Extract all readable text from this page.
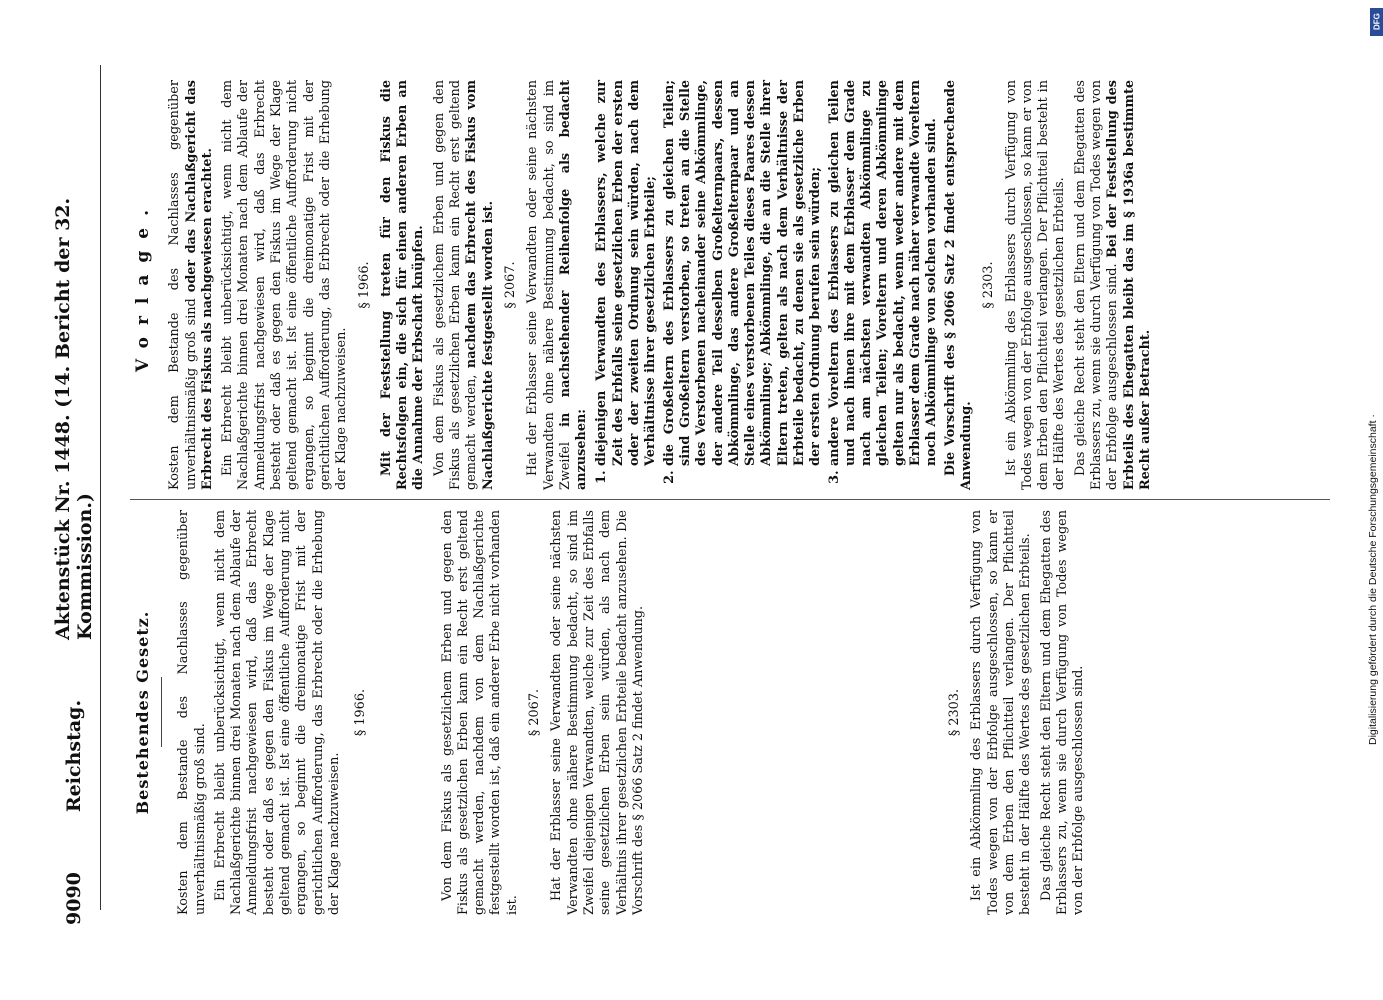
9090
Reichstag.
Aktenstück Nr. 1448. (14. Bericht der 32. Kommission.)
Bestehendes Gesetz. Kosten dem Bestande des Nachlasses gegenüber unverhältnismäßig groß sind. Ein Erbrecht bleibt unberücksichtigt, wenn nicht dem Nachlaßgerichte binnen drei Monaten nach dem Ablaufe der Anmeldungsfrist nachgewiesen wird, daß das Erbrecht besteht oder daß es gegen den Fiskus im Wege der Klage geltend gemacht ist. Ist eine öffentliche Aufforderung nicht ergangen, so beginnt die dreimonatige Frist mit der gerichtlichen Aufforderung, das Erbrecht oder die Erhebung der Klage nachzuweisen.

§ 1966.	Von dem Fiskus als gesetzlichem Erben und gegen den Fiskus als gesetzlichen Erben kann ein Recht erst geltend gemacht werden, nachdem von dem Nachlaßgerichte festgestellt worden ist, daß ein anderer Erbe nicht vorhanden ist.

§ 2067. Hat der Erblasser seine Verwandten oder seine nächsten Verwandten ohne nähere Bestimmung bedacht, so sind im Zweifel diejenigen Verwandten, welche zur Zeit des Erbfalls seine gesetzlichen Erben sein würden, als nach dem Verhältnis ihrer gesetzlichen Erbteile bedacht anzusehen. Die Vorschrift des § 2066 Satz 2 findet Anwendung.	§ 2303. Ist ein Abkömmling des Erblassers durch Verfügung von Todes wegen von der Erbfolge ausgeschlossen, so kann er von dem Erben den Pflichtteil verlangen. Der Pflichtteil besteht in der Hälfte des Wertes des gesetzlichen Erbteils. Das gleiche Recht steht den Eltern und dem Ehegatten des Erblassers zu, wenn sie durch Verfügung von Todes wegen von der Erbfolge ausgeschlossen sind.

Vorlage. Kosten dem Bestande des Nachlasses gegenüber unverhältnismäßig groß sind oder das Nachlaßgericht das Erbrecht des Fiskus als nachgewiesen erachtet. Ein Erbrecht bleibt unberücksichtigt, wenn nicht dem Nachlaßgerichte binnen drei Monaten nach dem Ablaufe der Anmeldungsfrist nachgewiesen wird, daß das Erbrecht besteht oder daß es gegen den Fiskus im Wege der Klage geltend gemacht ist. Ist eine öffentliche Aufforderung nicht ergangen, so beginnt die dreimonatige Frist mit der gerichtlichen Aufforderung, das Erbrecht oder die Erhebung der Klage nachzuweisen.

§ 1966. Mit der Feststellung treten für den Fiskus die Rechtsfolgen ein, die sich für einen anderen Erben an die Annahme der Erbschaft knüpfen. Von dem Fiskus als gesetzlichem Erben und gegen den Fiskus als gesetzlichen Erben kann ein Recht erst geltend gemacht werden, nachdem das Erbrecht des Fiskus vom Nachlaßgerichte festgestellt worden ist. § 2067. Hat der Erblasser seine Verwandten oder seine nächsten Verwandten ohne nähere Bestimmung bedacht, so sind im Zweifel in nachstehender Reihenfolge als bedacht anzusehen: 1. diejenigen Verwandten des Erblassers, welche zur Zeit des Erbfalls seine gesetzlichen Erben der ersten oder der zweiten Ordnung sein würden, nach dem Verhältnisse ihrer gesetzlichen Erbteile; 2. die Großeltern des Erblassers zu gleichen Teilen; sind Großeltern verstorben, so treten an die Stelle des Verstorbenen nacheinander seine Abkömmlinge, der andere Teil desselben Großelternpaars, dessen Abkömmlinge, das andere Großelternpaar und an Stelle eines verstorbenen Teiles dieses Paares dessen Abkömmlinge; Abkömmlinge, die an die Stelle ihrer Eltern treten, gelten als nach dem Verhältnisse der Erbteile bedacht, zu denen sie als gesetzliche Erben der ersten Ordnung berufen sein würden; 3. andere Voreltern des Erblassers zu gleichen Teilen und nach ihnen ihre mit dem Erblasser dem Grade nach am nächsten verwandten Abkömmlinge zu gleichen Teilen; Voreltern und deren Abkömmlinge gelten nur als bedacht, wenn weder andere mit dem Erblasser dem Grade nach näher verwandte Voreltern noch Abkömmlinge von solchen vorhanden sind. Die Vorschrift des § 2066 Satz 2 findet entsprechende Anwendung.

§ 2303. Ist ein Abkömmling des Erblassers durch Verfügung von Todes wegen von der Erbfolge ausgeschlossen, so kann er von dem Erben den Pflichtteil verlangen. Der Pflichtteil besteht in der Hälfte des Wertes des gesetzlichen Erbteils. Das gleiche Recht steht den Eltern und dem Ehegatten des Erblassers zu, wenn sie durch Verfügung von Todes wegen von der Erbfolge ausgeschlossen sind. Bei der Feststellung des Erbteils des Ehegatten bleibt das im § 1936a bestimmte Recht außer Betracht.

Digitalisierung gefördert durch die Deutsche Forschungsgemeinschaft ·
DFG
